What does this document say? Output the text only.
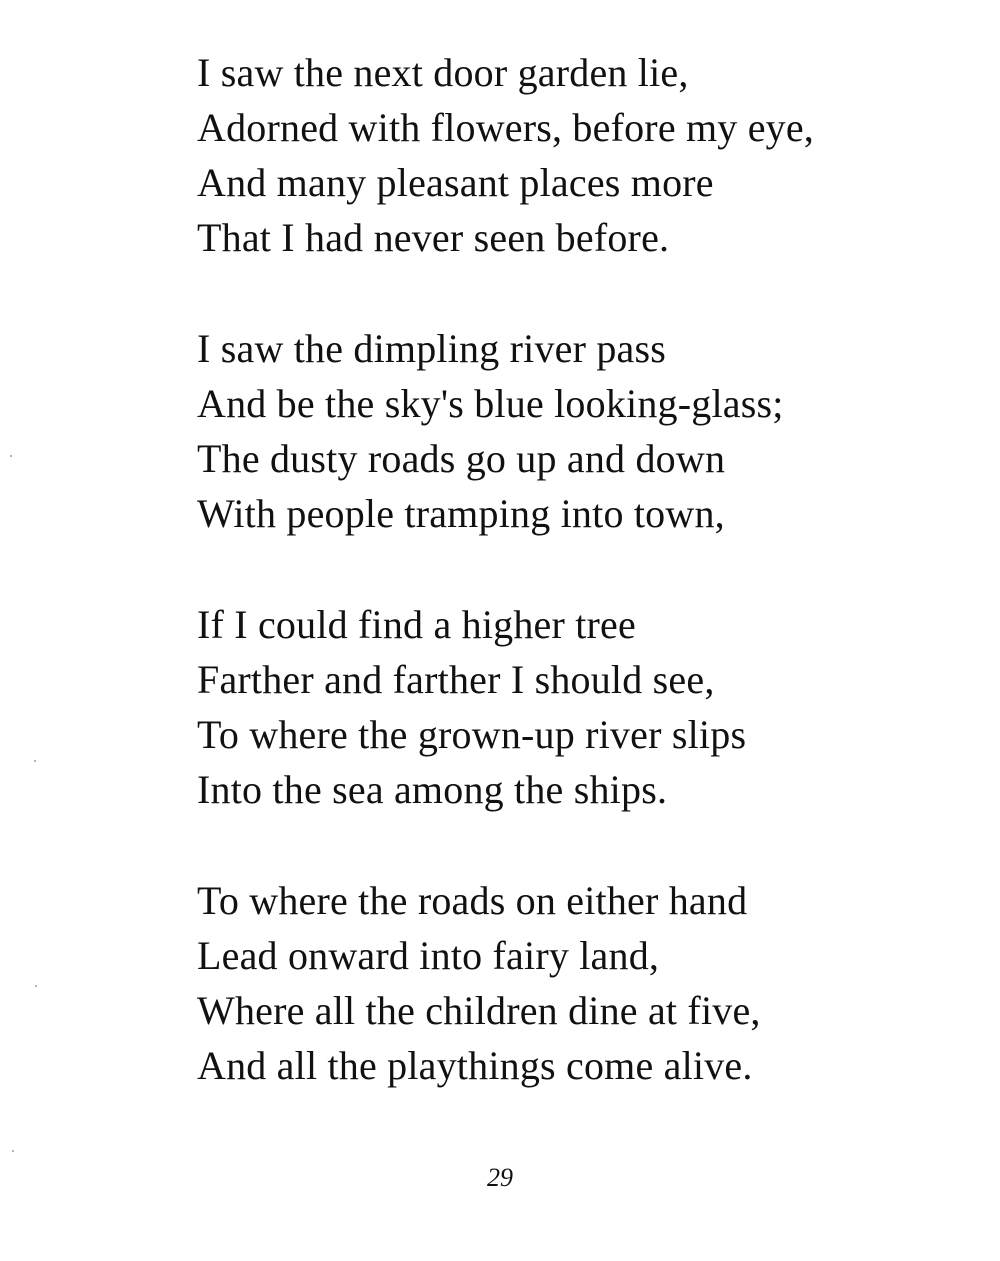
I saw the next door garden lie,
Adorned with flowers, before my eye,
And many pleasant places more
That I had never seen before.
I saw the dimpling river pass
And be the sky's blue looking-glass;
The dusty roads go up and down
With people tramping into town,
If I could find a higher tree
Farther and farther I should see,
To where the grown-up river slips
Into the sea among the ships.
To where the roads on either hand
Lead onward into fairy land,
Where all the children dine at five,
And all the playthings come alive.
29
